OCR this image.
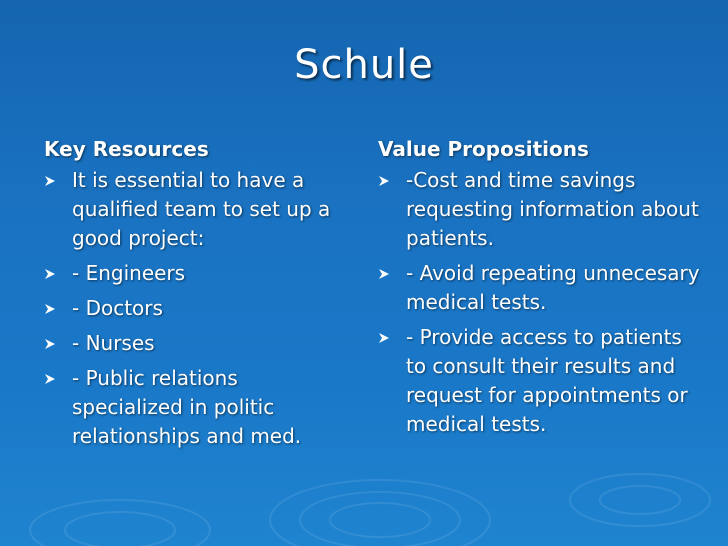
Schule
Key Resources
It is essential to have a qualified team to set up a good project:
- Engineers
- Doctors
- Nurses
- Public relations specialized in politic relationships and med.
Value Propositions
-Cost and time savings requesting information about patients.
- Avoid repeating unnecesary medical tests.
- Provide access to patients to consult their results and request for appointments or medical tests.
